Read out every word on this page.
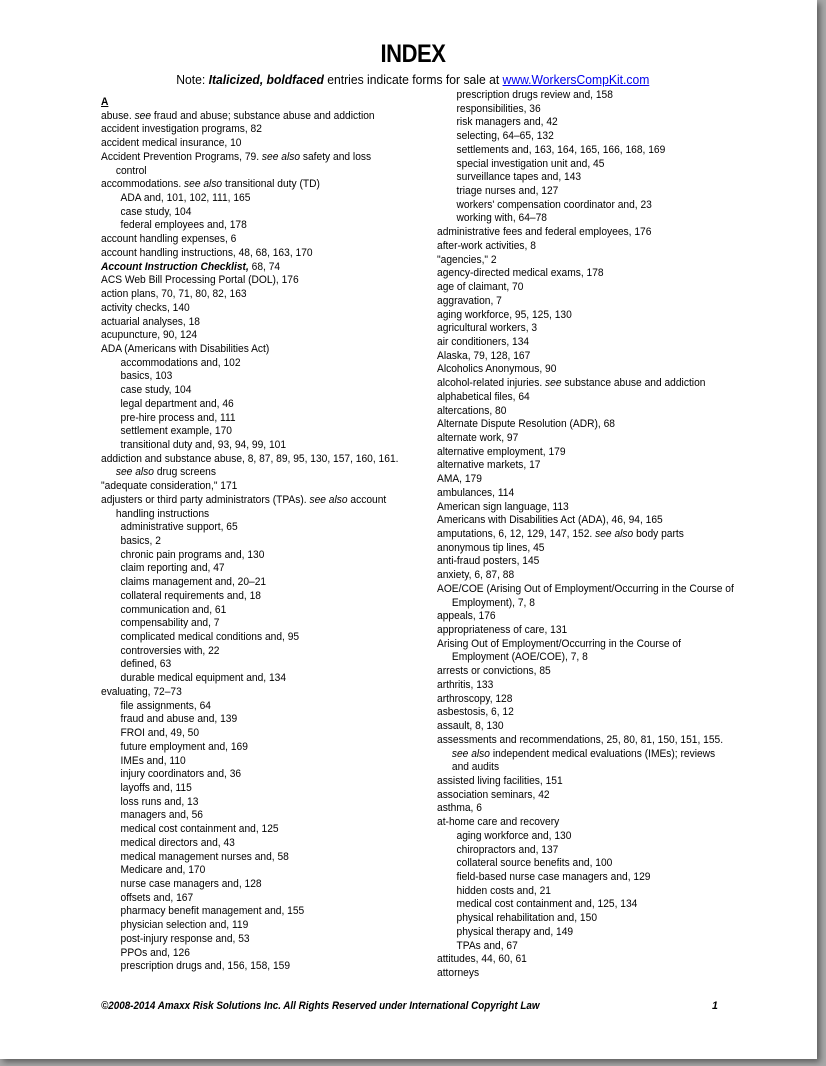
INDEX
Note: Italicized, boldfaced entries indicate forms for sale at www.WorkersCompKit.com
A
abuse. see fraud and abuse; substance abuse and addiction
accident investigation programs, 82
accident medical insurance, 10
Accident Prevention Programs, 79. see also safety and loss
control
accommodations. see also transitional duty (TD)
ADA and, 101, 102, 111, 165
case study, 104
federal employees and, 178
account handling expenses, 6
account handling instructions, 48, 68, 163, 170
Account Instruction Checklist, 68, 74
ACS Web Bill Processing Portal (DOL), 176
action plans, 70, 71, 80, 82, 163
activity checks, 140
actuarial analyses, 18
acupuncture, 90, 124
ADA (Americans with Disabilities Act)
accommodations and, 102
basics, 103
case study, 104
legal department and, 46
pre-hire process and, 111
settlement example, 170
transitional duty and, 93, 94, 99, 101
addiction and substance abuse, 8, 87, 89, 95, 130, 157, 160, 161.
see also drug screens
"adequate consideration," 171
adjusters or third party administrators (TPAs). see also account
handling instructions
administrative support, 65
basics, 2
chronic pain programs and, 130
claim reporting and, 47
claims management and, 20–21
collateral requirements and, 18
communication and, 61
compensability and, 7
complicated medical conditions and, 95
controversies with, 22
defined, 63
durable medical equipment and, 134
evaluating, 72–73
file assignments, 64
fraud and abuse and, 139
FROI and, 49, 50
future employment and, 169
IMEs and, 110
injury coordinators and, 36
layoffs and, 115
loss runs and, 13
managers and, 56
medical cost containment and, 125
medical directors and, 43
medical management nurses and, 58
Medicare and, 170
nurse case managers and, 128
offsets and, 167
pharmacy benefit management and, 155
physician selection and, 119
post-injury response and, 53
PPOs and, 126
prescription drugs and, 156, 158, 159
prescription drugs review and, 158
responsibilities, 36
risk managers and, 42
selecting, 64–65, 132
settlements and, 163, 164, 165, 166, 168, 169
special investigation unit and, 45
surveillance tapes and, 143
triage nurses and, 127
workers' compensation coordinator and, 23
working with, 64–78
administrative fees and federal employees, 176
after-work activities, 8
"agencies," 2
agency-directed medical exams, 178
age of claimant, 70
aggravation, 7
aging workforce, 95, 125, 130
agricultural workers, 3
air conditioners, 134
Alaska, 79, 128, 167
Alcoholics Anonymous, 90
alcohol-related injuries. see substance abuse and addiction
alphabetical files, 64
altercations, 80
Alternate Dispute Resolution (ADR), 68
alternate work, 97
alternative employment, 179
alternative markets, 17
AMA, 179
ambulances, 114
American sign language, 113
Americans with Disabilities Act (ADA), 46, 94, 165
amputations, 6, 12, 129, 147, 152. see also body parts
anonymous tip lines, 45
anti-fraud posters, 145
anxiety, 6, 87, 88
AOE/COE (Arising Out of Employment/Occurring in the Course of
Employment), 7, 8
appeals, 176
appropriateness of care, 131
Arising Out of Employment/Occurring in the Course of
Employment (AOE/COE), 7, 8
arrests or convictions, 85
arthritis, 133
arthroscopy, 128
asbestosis, 6, 12
assault, 8, 130
assessments and recommendations, 25, 80, 81, 150, 151, 155.
see also independent medical evaluations (IMEs); reviews
and audits
assisted living facilities, 151
association seminars, 42
asthma, 6
at-home care and recovery
aging workforce and, 130
chiropractors and, 137
collateral source benefits and, 100
field-based nurse case managers and, 129
hidden costs and, 21
medical cost containment and, 125, 134
physical rehabilitation and, 150
physical therapy and, 149
TPAs and, 67
attitudes, 44, 60, 61
attorneys
©2008-2014 Amaxx Risk Solutions Inc. All Rights Reserved under International Copyright Law	1
